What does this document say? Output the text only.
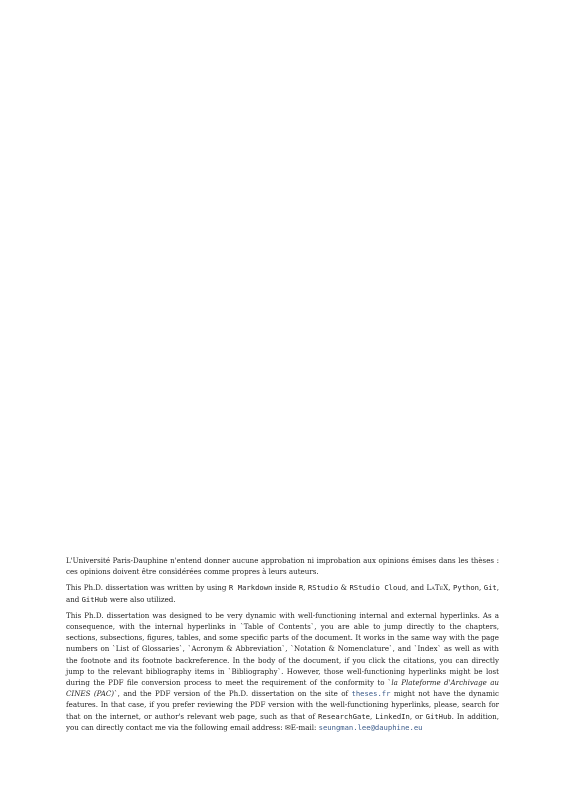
L'Université Paris-Dauphine n'entend donner aucune approbation ni improbation aux opinions émises dans les thèses : ces opinions doivent être considérées comme propres à leurs auteurs.

This Ph.D. dissertation was written by using R Markdown inside R, RStudio & RStudio Cloud, and LaTeX, Python, Git, and GitHub were also utilized.

This Ph.D. dissertation was designed to be very dynamic with well-functioning internal and external hyperlinks. As a consequence, with the internal hyperlinks in `Table of Contents`, you are able to jump directly to the chapters, sections, subsections, figures, tables, and some specific parts of the document. It works in the same way with the page numbers on `List of Glossaries`, `Acronym & Abbreviation`, `Notation & Nomenclature`, and `Index` as well as with the footnote and its footnote backreference. In the body of the document, if you click the citations, you can directly jump to the relevant bibliography items in `Bibliography`. However, those well-functioning hyperlinks might be lost during the PDF file conversion process to meet the requirement of the conformity to `la Plateforme d'Archivage au CINES (PAC)`, and the PDF version of the Ph.D. dissertation on the site of theses.fr might not have the dynamic features. In that case, if you prefer reviewing the PDF version with the well-functioning hyperlinks, please, search for that on the internet, or author's relevant web page, such as that of ResearchGate, LinkedIn, or GitHub. In addition, you can directly contact me via the following email address: ✉E-mail: seungman.lee@dauphine.eu
